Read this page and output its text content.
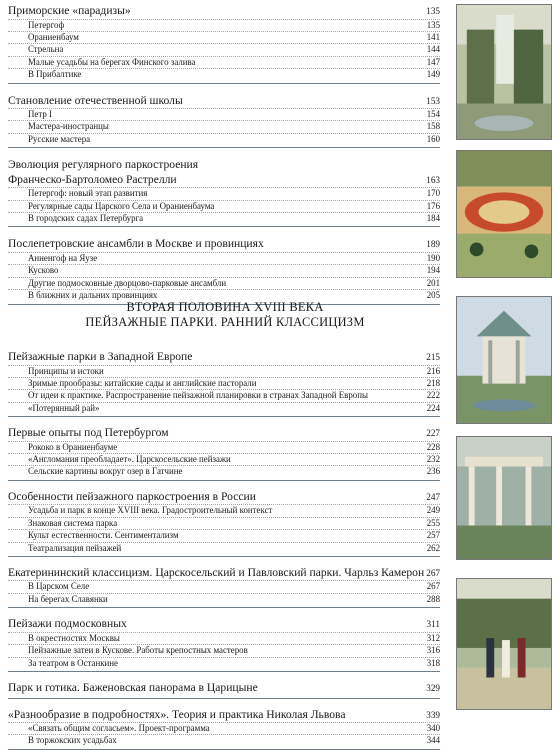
Приморские «парадизы»	135
Петергоф	135
Ораниенбаум	141
Стрельна	144
Малые усадьбы на берегах Финского залива	147
В Прибалтике	149
Становление отечественной школы	153
Петр I	154
Мастера-иностранцы	158
Русские мастера	160
Эволюция регулярного паркостроения
Франческо-Бартоломео Растрелли	163
Петергоф: новый этап развития	170
Регулярные сады Царского Села и Ораниенбаума	176
В городских садах Петербурга	184
Послепетровские ансамбли в Москве и провинциях	189
Анненгоф на Яузе	190
Кусково	194
Другие подмосковные дворцово-парковые ансамбли	201
В ближних и дальних провинциях	205
ВТОРАЯ ПОЛОВИНА XVIII ВЕКА
ПЕЙЗАЖНЫЕ ПАРКИ. РАННИЙ КЛАССИЦИЗМ
Пейзажные парки в Западной Европе	215
Принципы и истоки	216
Зримые прообразы: китайские сады и английские пасторали	218
От идеи к практике. Распространение пейзажной планировки в странах Западной Европы	222
«Потерянный рай»	224
Первые опыты под Петербургом	227
Рококо в Ораниенбауме	228
«Англомания преобладает». Царскосельские пейзажи	232
Сельские картины вокруг озер в Гатчине	236
Особенности пейзажного паркостроения в России	247
Усадьба и парк в конце XVIII века. Градостроительный контекст	249
Знаковая система парка	255
Культ естественности. Сентиментализм	257
Театрализация пейзажей	262
Екатерининский классицизм. Царскосельский и Павловский парки. Чарльз Камерон 267
В Царском Селе	267
На берегах Славянки	288
Пейзажи подмосковных	311
В окрестностях Москвы	312
Пейзажные затеи в Кускове. Работы крепостных мастеров	316
За театром в Останкине	318
Парк и готика. Баженовская панорама в Царицыне	329
«Разнообразие в подробностях». Теория и практика Николая Львова	339
«Связать общим согласьем». Проект-программа	340
В торжокских усадьбах	344
